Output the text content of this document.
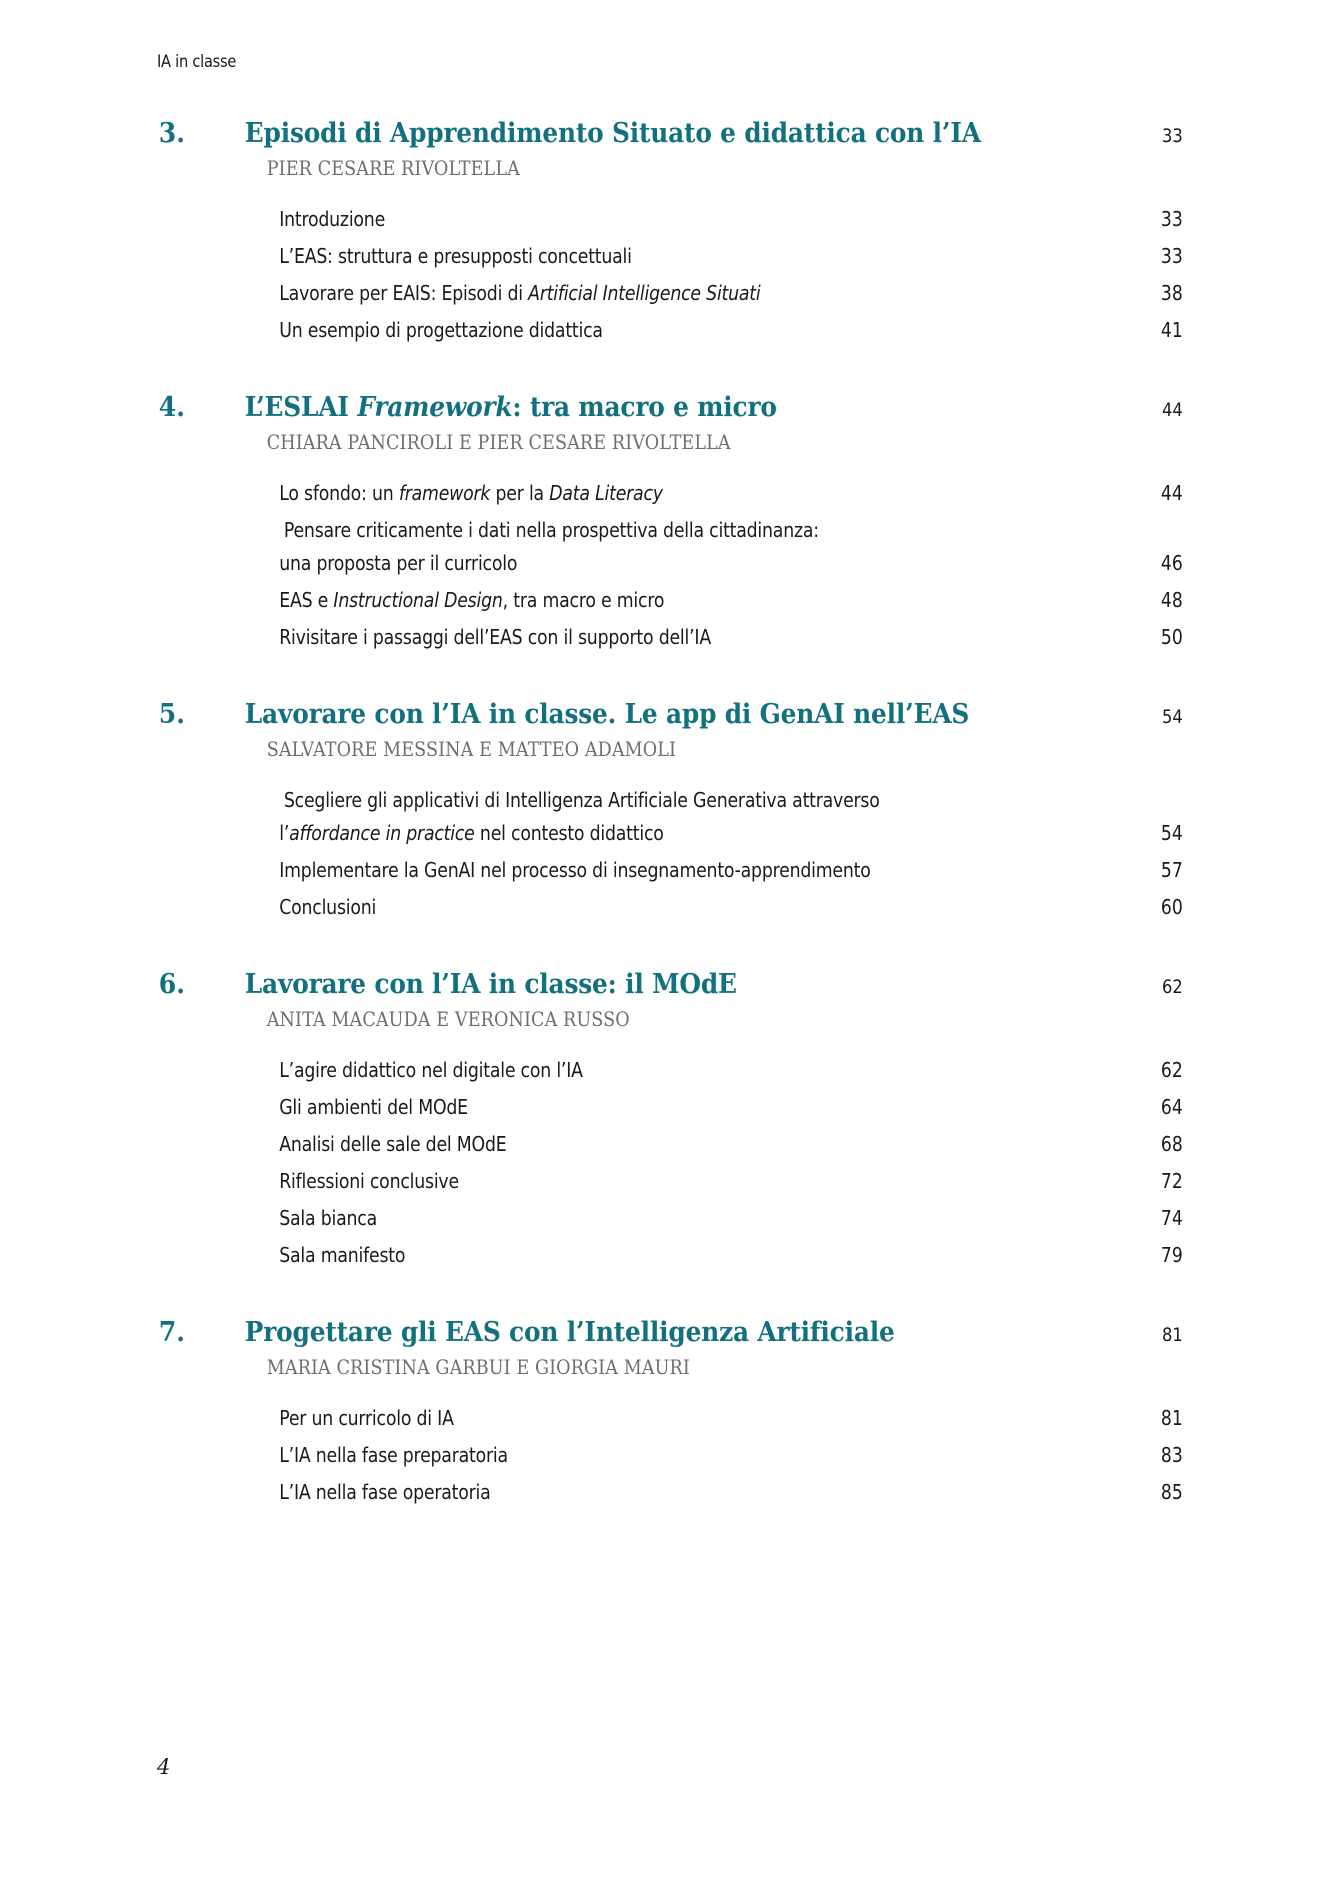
IA in classe
3.	Episodi di Apprendimento Situato e didattica con l’IA	33
PIER CESARE RIVOLTELLA
Introduzione	33
L’EAS: struttura e presupposti concettuali	33
Lavorare per EAIS: Episodi di Artificial Intelligence Situati	38
Un esempio di progettazione didattica	41
4.	L’ESLAI Framework: tra macro e micro	44
CHIARA PANCIROLI E PIER CESARE RIVOLTELLA
Lo sfondo: un framework per la Data Literacy	44
Pensare criticamente i dati nella prospettiva della cittadinanza:
una proposta per il curricolo	46
EAS e Instructional Design, tra macro e micro	48
Rivisitare i passaggi dell’EAS con il supporto dell’IA	50
5.	Lavorare con l’IA in classe. Le app di GenAI nell’EAS	54
SALVATORE MESSINA E MATTEO ADAMOLI
Scegliere gli applicativi di Intelligenza Artificiale Generativa attraverso
l’affordance in practice nel contesto didattico	54
Implementare la GenAI nel processo di insegnamento-apprendimento	57
Conclusioni	60
6.	Lavorare con l’IA in classe: il MOdE	62
ANITA MACAUDA E VERONICA RUSSO
L’agire didattico nel digitale con l’IA	62
Gli ambienti del MOdE	64
Analisi delle sale del MOdE	68
Riflessioni conclusive	72
Sala bianca	74
Sala manifesto	79
7.	Progettare gli EAS con l’Intelligenza Artificiale	81
MARIA CRISTINA GARBUI E GIORGIA MAURI
Per un curricolo di IA	81
L’IA nella fase preparatoria	83
L’IA nella fase operatoria	85
4
